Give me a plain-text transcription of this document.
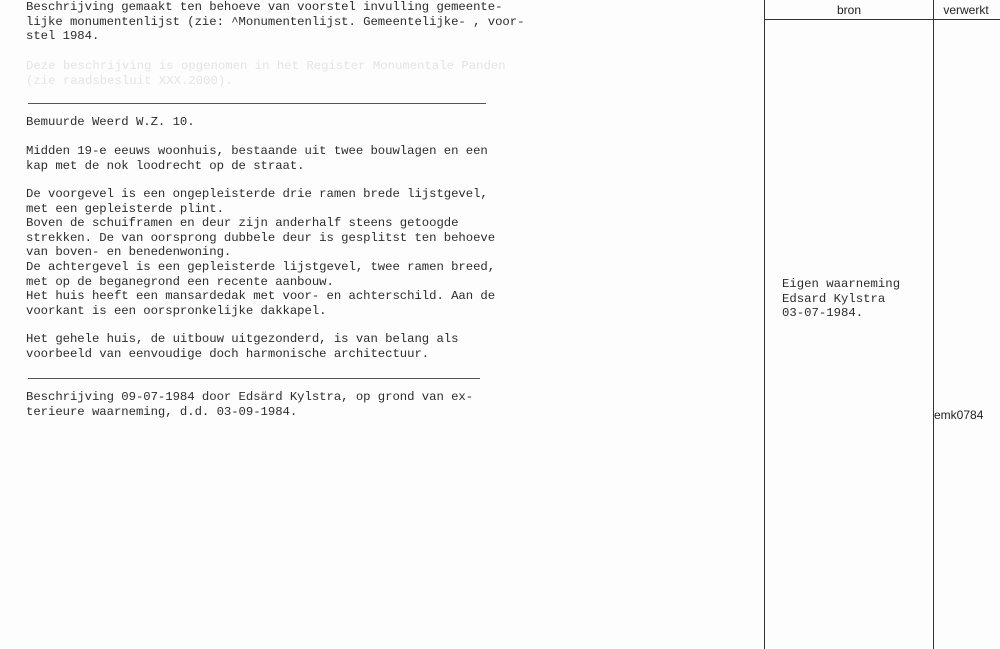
Beschrijving gemaakt ten behoeve van voorstel invulling gemeente-
lijke monumentenlijst (zie: ^Monumentenlijst. Gemeentelijke- , voor-
stel 1984.
Deze beschrijving is opgenomen in het Register Monumentale Panden
(zie raadsbesluit XXX.2000).
Bemuurde Weerd W.Z. 10.
Midden 19-e eeuws woonhuis, bestaande uit twee bouwlagen en een
kap met de nok loodrecht op de straat.
De voorgevel is een ongepleisterde drie ramen brede lijstgevel,
met een gepleisterde plint.
Boven de schuiframen en deur zijn anderhalf steens getoogde
strekken. De van oorsprong dubbele deur is gesplitst ten behoeve
van boven- en benedenwoning.
De achtergevel is een gepleisterde lijstgevel, twee ramen breed,
met op de beganegrond een recente aanbouw.
Het huis heeft een mansardedak met voor- en achterschild. Aan de
voorkant is een oorspronkelijke dakkapel.
Het gehele huis, de uitbouw uitgezonderd, is van belang als
voorbeeld van eenvoudige doch harmonische architectuur.
Beschrijving 09-07-1984 door Edsärd Kylstra, op grond van ex-
terieure waarneming, d.d. 03-09-1984.
bron	verwerkt
Eigen waarneming
Edsard Kylstra
03-07-1984.
emk0784
